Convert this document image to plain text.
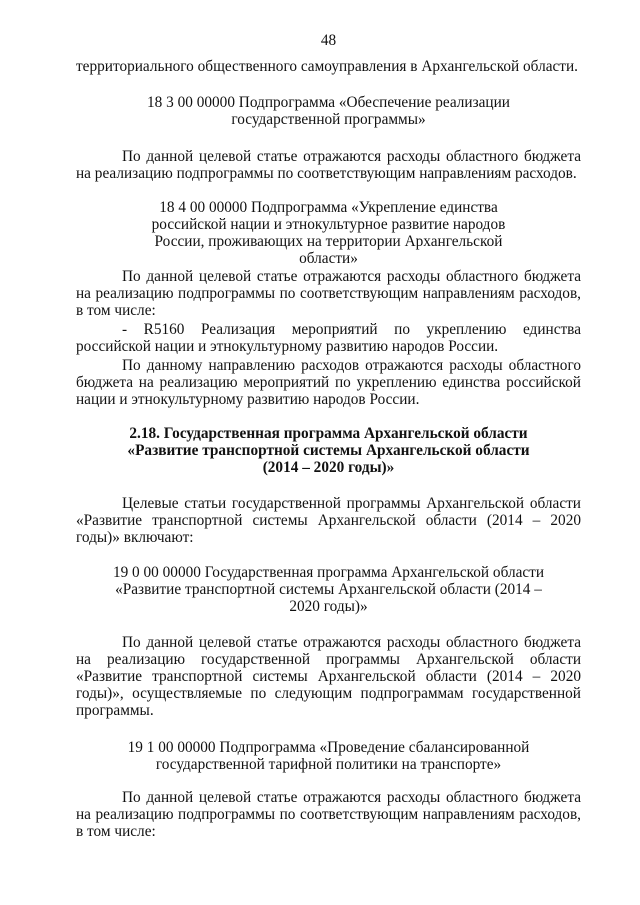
48

территориального общественного самоуправления в Архангельской области.

18 3 00 00000 Подпрограмма «Обеспечение реализации государственной программы»

По данной целевой статье отражаются расходы областного бюджета на реализацию подпрограммы по соответствующим направлениям расходов.

18 4 00 00000 Подпрограмма «Укрепление единства российской нации и этнокультурное развитие народов России, проживающих на территории Архангельской области»

По данной целевой статье отражаются расходы областного бюджета на реализацию подпрограммы по соответствующим направлениям расходов, в том числе:

- R5160 Реализация мероприятий по укреплению единства российской нации и этнокультурному развитию народов России.

По данному направлению расходов отражаются расходы областного бюджета на реализацию мероприятий по укреплению единства российской нации и этнокультурному развитию народов России.

2.18. Государственная программа Архангельской области «Развитие транспортной системы Архангельской области (2014 – 2020 годы)»

Целевые статьи государственной программы Архангельской области «Развитие транспортной системы Архангельской области (2014 – 2020 годы)» включают:

19 0 00 00000 Государственная программа Архангельской области «Развитие транспортной системы Архангельской области (2014 – 2020 годы)»

По данной целевой статье отражаются расходы областного бюджета на реализацию государственной программы Архангельской области «Развитие транспортной системы Архангельской области (2014 – 2020 годы)», осуществляемые по следующим подпрограммам государственной программы.

19 1 00 00000 Подпрограмма «Проведение сбалансированной государственной тарифной политики на транспорте»

По данной целевой статье отражаются расходы областного бюджета на реализацию подпрограммы по соответствующим направлениям расходов, в том числе:
